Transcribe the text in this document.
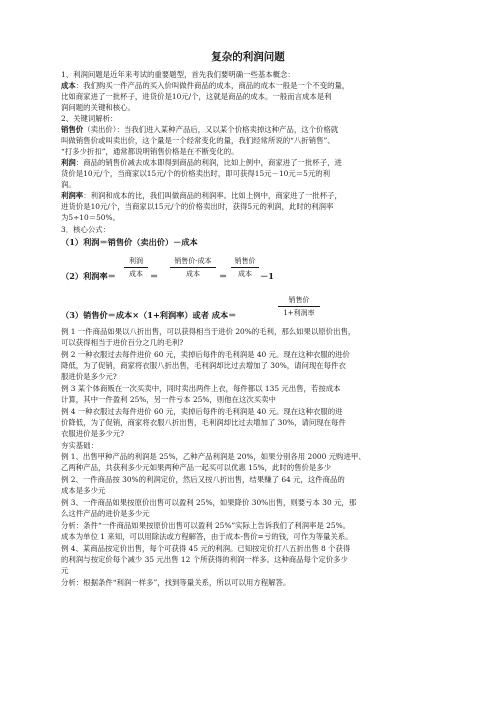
复杂的利润问题
1、利润问题是近年来考试的重要题型，首先我们要明确一些基本概念：
成本：我们购买一件产品的买入价叫做件商品的成本，商品的成本一般是一个不变的量，
比如商家进了一批杯子，进货价是10元/个，这就是商品的成本。一般而言成本是利
润问题的关键和核心。
2、关键词解析：
销售价（卖出价）：当我们进入某种产品后，又以某个价格卖掉这种产品，这个价格就
叫做销售价或叫卖出价，这个量是一个经常变化的量，我们经常所说的“八折销售”、
“打多少折扣”，通常都说明销售价格是在不断变化的。
利润：商品的销售价减去成本即得到商品的利润，比如上例中，商家进了一批杯子，进
货价是10元/个，当商家以15元/个的价格卖出时，即可获得15元－10元＝5元的利
润。
利润率：利润和成本的比，我们叫做商品的利润率。比如上例中，商家进了一批杯子，
进货价是10元/个，当商家以15元/个的价格卖出时，获得5元的利润，此时的利润率
为5÷10＝50%。
3．核心公式：
（1）利润＝销售价（卖出价）－成本
（2）利润率＝
利润
成本 ＝
销售价-成本
成本	＝
销售价
成本 －1
（3）销售价＝成本×（1+利润率）或者 成本＝
销售价
1+利润率
例 1 一件商品如果以八折出售，可以获得相当于进价 20%的毛利，那么如果以原价出售，
可以获得相当于进价百分之几的毛利?
例 2 一种衣服过去每件进价 60 元，卖掉后每件的毛利润是 40 元。现在这种衣服的进价
降低，为了促销，商家将衣服八折出售，毛利润却比过去增加了 30%，请问现在每件衣
服进价是多少元?
例 3 某个体商贩在一次买卖中，同时卖出两件上衣，每件都以 135 元出售，若按成本
计算，其中一件盈利 25%，另一件亏本 25%，则他在这次买卖中
例 4 一种衣服过去每件进价 60 元，卖掉后每件的毛利润是 40 元。现在这种衣服的进
价降低，为了促销，商家将衣服八折出售，毛利润却比过去增加了 30%，请问现在每件
衣服进价是多少元?
夯实基础：
例 1、出售甲种产品的利润是 25%，乙种产品利润是 20%，如果分别各用 2000 元购进甲、
乙两种产品，共获利多少元如果两种产品一起买可以优惠 15%，此时的售价是多少
例 2、一件商品按 30%的利润定价，然后又按八折出售，结果赚了 64 元，这件商品的
成本是多少元
例 3、一件商品如果按原价出售可以盈利 25%，如果降价 30%出售，则要亏本 30 元，那
么这件产品的进价是多少元
分析：条件“一件商品如果按原价出售可以盈利 25%”实际上告诉我们了利润率是 25%。
成本为单位 1 来知，可以用除法或方程解答，由于成本-售价=亏的钱，可作为等量关系。
例 4、某商品按定价出售，每个可获得 45 元的利润。已知按定价打八五折出售 8 个获得
的利润与按定价每个减少 35 元出售 12 个所获得的利润一样多。这种商品每个定价多少
元
分析：根据条件“利润一样多”，找到等量关系，所以可以用方程解答。
